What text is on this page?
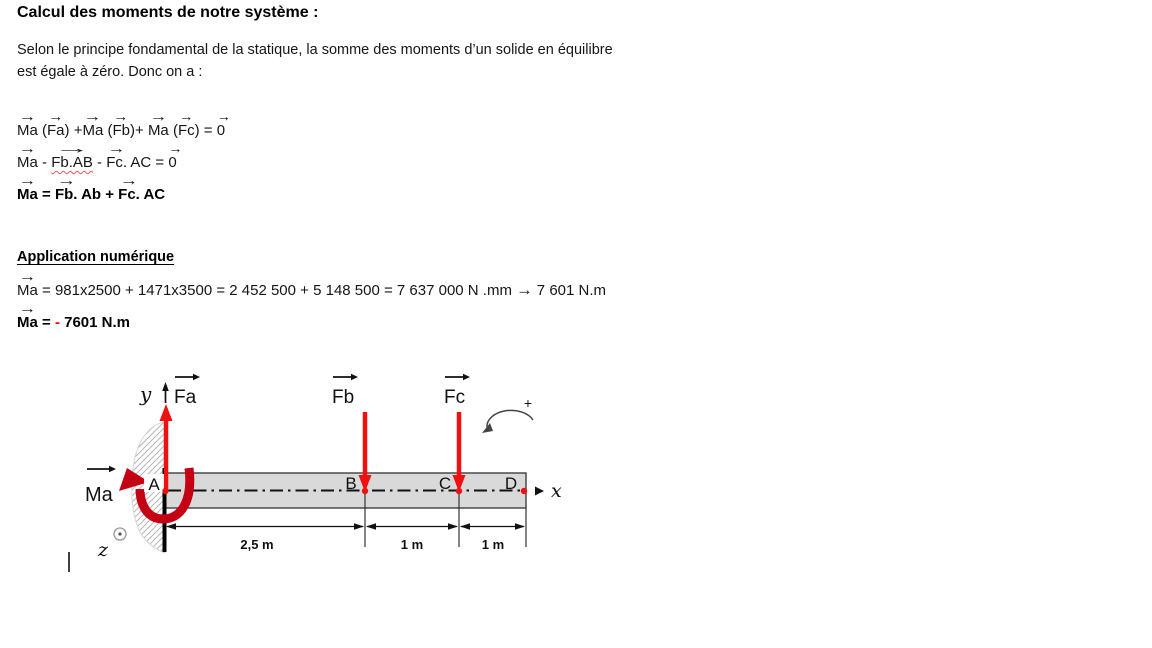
Calcul des moments de notre système :
Selon le principe fondamental de la statique, la somme des moments d’un solide en équilibre
est égale à zéro. Donc on a :
→
Ma (
→
Fa) +
→
Ma (
→
Fb)+
→
Ma (
→
Fc) =
→
0
→
Ma -
→
Fb.AB -
→
Fc. AC =
→
0
→
Ma =
→
Fb. Ab +
→
Fc. AC
Application numérique
→
Ma = 981x2500 + 1471x3500 = 2 452 500 + 5 148 500 = 7 637 000 N .mm → 7 601 N.m
→
Ma = - 7601 N.m
2,5 m	1 m	1 m
y Fa	Fb	Fc
Ma
+
A	B	C	D x
z
